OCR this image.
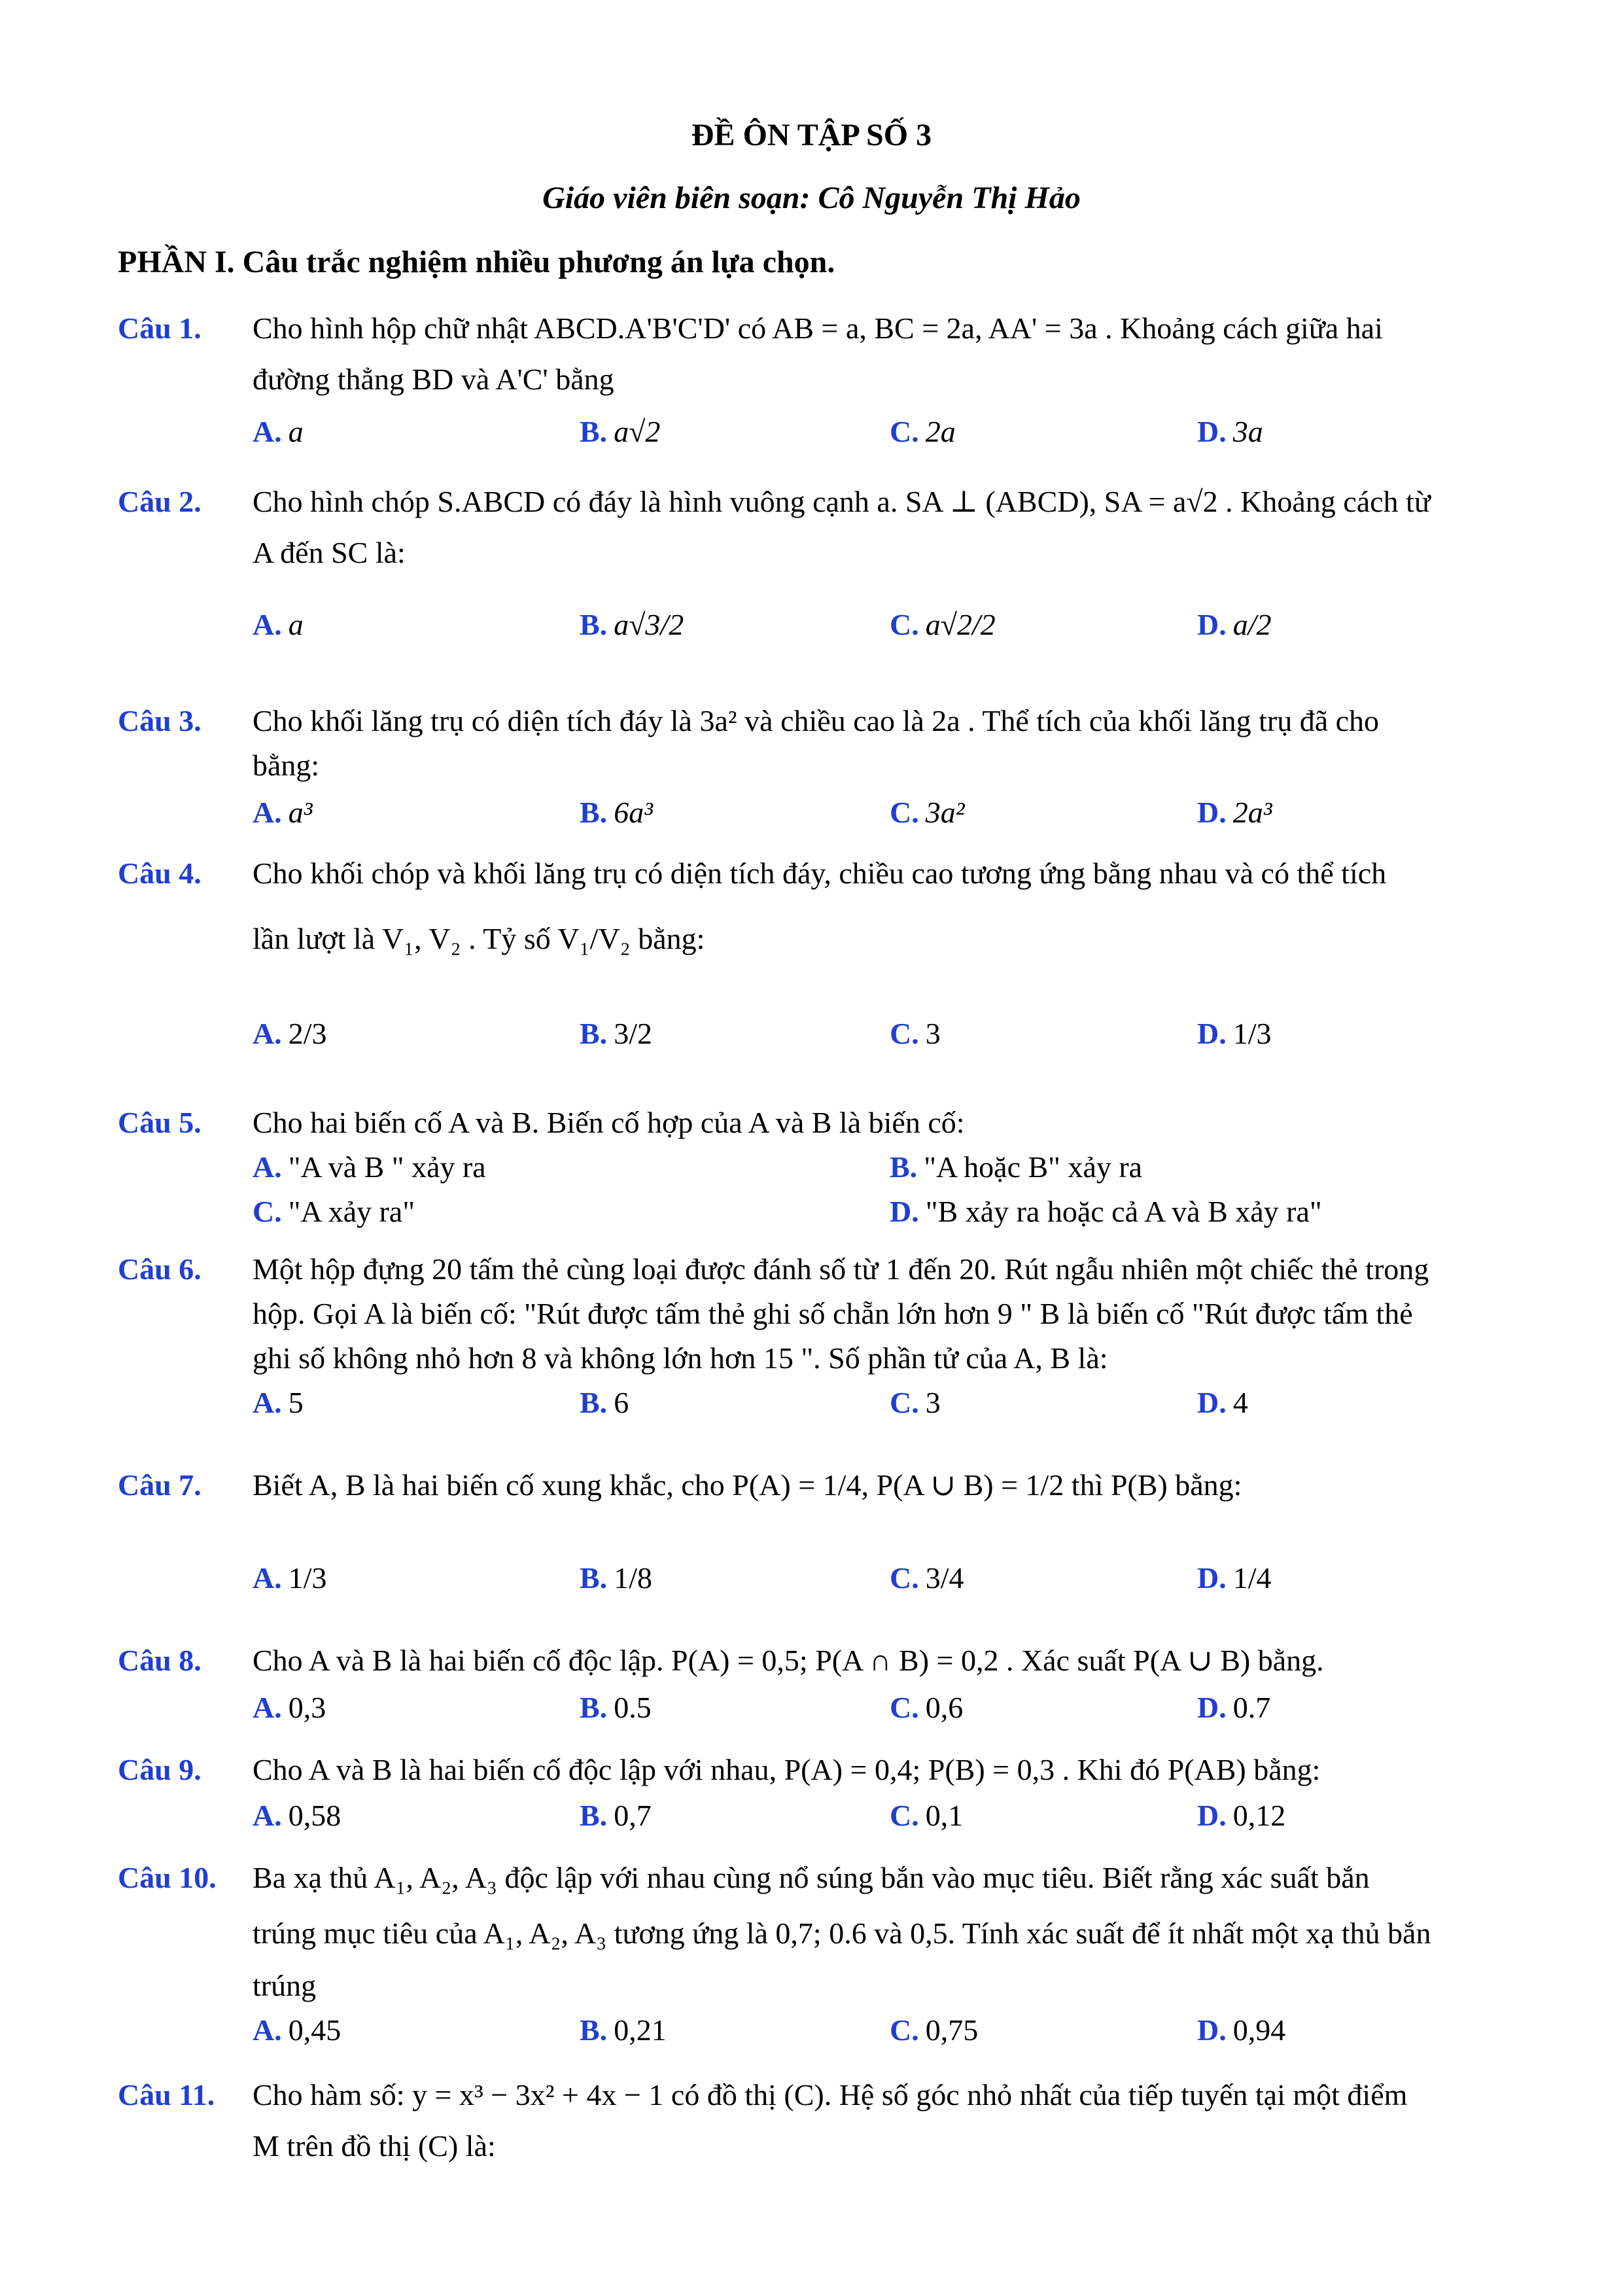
ĐỀ ÔN TẬP SỐ 3
Giáo viên biên soạn: Cô Nguyễn Thị Hảo
PHẦN I. Câu trắc nghiệm nhiều phương án lựa chọn.
Câu 1. Cho hình hộp chữ nhật ABCD.A'B'C'D' có AB = a, BC = 2a, AA' = 3a . Khoảng cách giữa hai
đường thẳng BD và A'C' bằng
A. a	B. a√2	C. 2a	D. 3a
Câu 2. Cho hình chóp S.ABCD có đáy là hình vuông cạnh a. SA ⊥ (ABCD), SA = a√2 . Khoảng cách từ
A đến SC là:
A. a	B. a√3/2	C. a√2/2	D. a/2
Câu 3. Cho khối lăng trụ có diện tích đáy là 3a² và chiều cao là 2a . Thể tích của khối lăng trụ đã cho
bằng:
A. a³	B. 6a³	C. 3a²	D. 2a³
Câu 4. Cho khối chóp và khối lăng trụ có diện tích đáy, chiều cao tương ứng bằng nhau và có thể tích
lần lượt là V₁, V₂ . Tỷ số V₁/V₂ bằng:
A. 2/3	B. 3/2	C. 3	D. 1/3
Câu 5. Cho hai biến cố A và B. Biến cố hợp của A và B là biến cố:
A. "A và B " xảy ra	B. "A hoặc B" xảy ra
C. "A xảy ra"	D. "B xảy ra hoặc cả A và B xảy ra"
Câu 6. Một hộp đựng 20 tấm thẻ cùng loại được đánh số từ 1 đến 20. Rút ngẫu nhiên một chiếc thẻ trong
hộp. Gọi A là biến cố: "Rút được tấm thẻ ghi số chẵn lớn hơn 9 " B là biến cố "Rút được tấm thẻ
ghi số không nhỏ hơn 8 và không lớn hơn 15 ". Số phần tử của A, B là:
A. 5	B. 6	C. 3	D. 4
Câu 7. Biết A, B là hai biến cố xung khắc, cho P(A) = 1/4, P(A ∪ B) = 1/2 thì P(B) bằng:
A. 1/3	B. 1/8	C. 3/4	D. 1/4
Câu 8. Cho A và B là hai biến cố độc lập. P(A) = 0,5; P(A ∩ B) = 0,2 . Xác suất P(A ∪ B) bằng.
A. 0,3	B. 0.5	C. 0,6	D. 0.7
Câu 9. Cho A và B là hai biến cố độc lập với nhau, P(A) = 0,4; P(B) = 0,3 . Khi đó P(AB) bằng:
A. 0,58	B. 0,7	C. 0,1	D. 0,12
Câu 10. Ba xạ thủ A₁, A₂, A₃ độc lập với nhau cùng nổ súng bắn vào mục tiêu. Biết rằng xác suất bắn
trúng mục tiêu của A₁, A₂, A₃ tương ứng là 0,7; 0.6 và 0,5. Tính xác suất để ít nhất một xạ thủ bắn
trúng
A. 0,45	B. 0,21	C. 0,75	D. 0,94
Câu 11. Cho hàm số: y = x³ − 3x² + 4x − 1 có đồ thị (C). Hệ số góc nhỏ nhất của tiếp tuyến tại một điểm
M trên đồ thị (C) là:
